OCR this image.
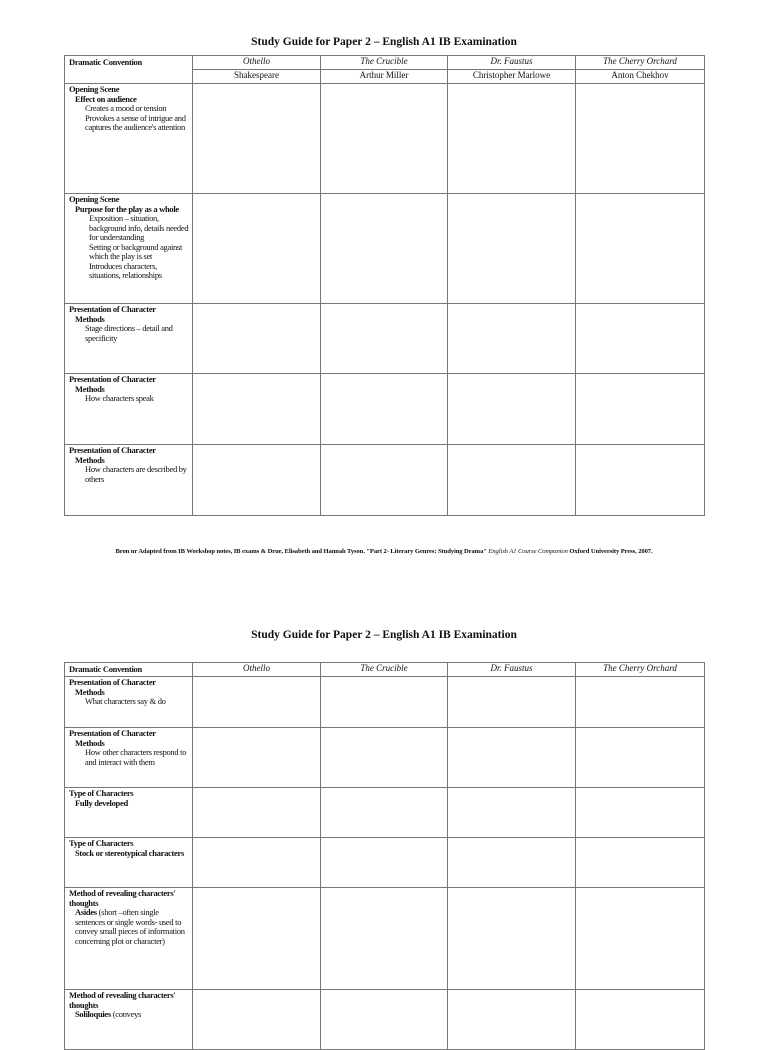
Study Guide for Paper 2 – English A1 IB Examination
Dramatic Convention	Othello	The Crucible	Dr. Faustus	The Cherry Orchard
	Shakespeare	Arthur Miller	Christopher Marlowe	Anton Chekhov

Opening Scene
Effect on audience
Creates a mood or tension
Provokes a sense of intrigue and captures the audience's attention				

Opening Scene
Purpose for the play as a whole
Exposition – situation, background info, details needed for understanding
Setting or background against which the play is set
Introduces characters, situations, relationships				

Presentation of Character
Methods
Stage directions – detail and specificity				

Presentation of Character
Methods
How characters speak				

Presentation of Character
Methods
How characters are described by others				

Bron nr Adapted from IB Workshop notes, IB exams & Drue, Elisabeth and Hannah Tyson. "Part 2- Literary Genres: Studying Drama" English A1 Course Companion Oxford University Press, 2007.
Study Guide for Paper 2 – English A1 IB Examination
Dramatic Convention	Othello	The Crucible	Dr. Faustus	The Cherry Orchard

Presentation of Character
Methods
What characters say & do				

Presentation of Character
Methods
How other characters respond to and interact with them				

Type of Characters
Fully developed				

Type of Characters
Stock or stereotypical characters				

Method of revealing characters' thoughts
Asides (short –often single sentences or single words- used to convey small pieces of information concerning plot or character)				

Method of revealing characters' thoughts
Soliloquies (conveys				
